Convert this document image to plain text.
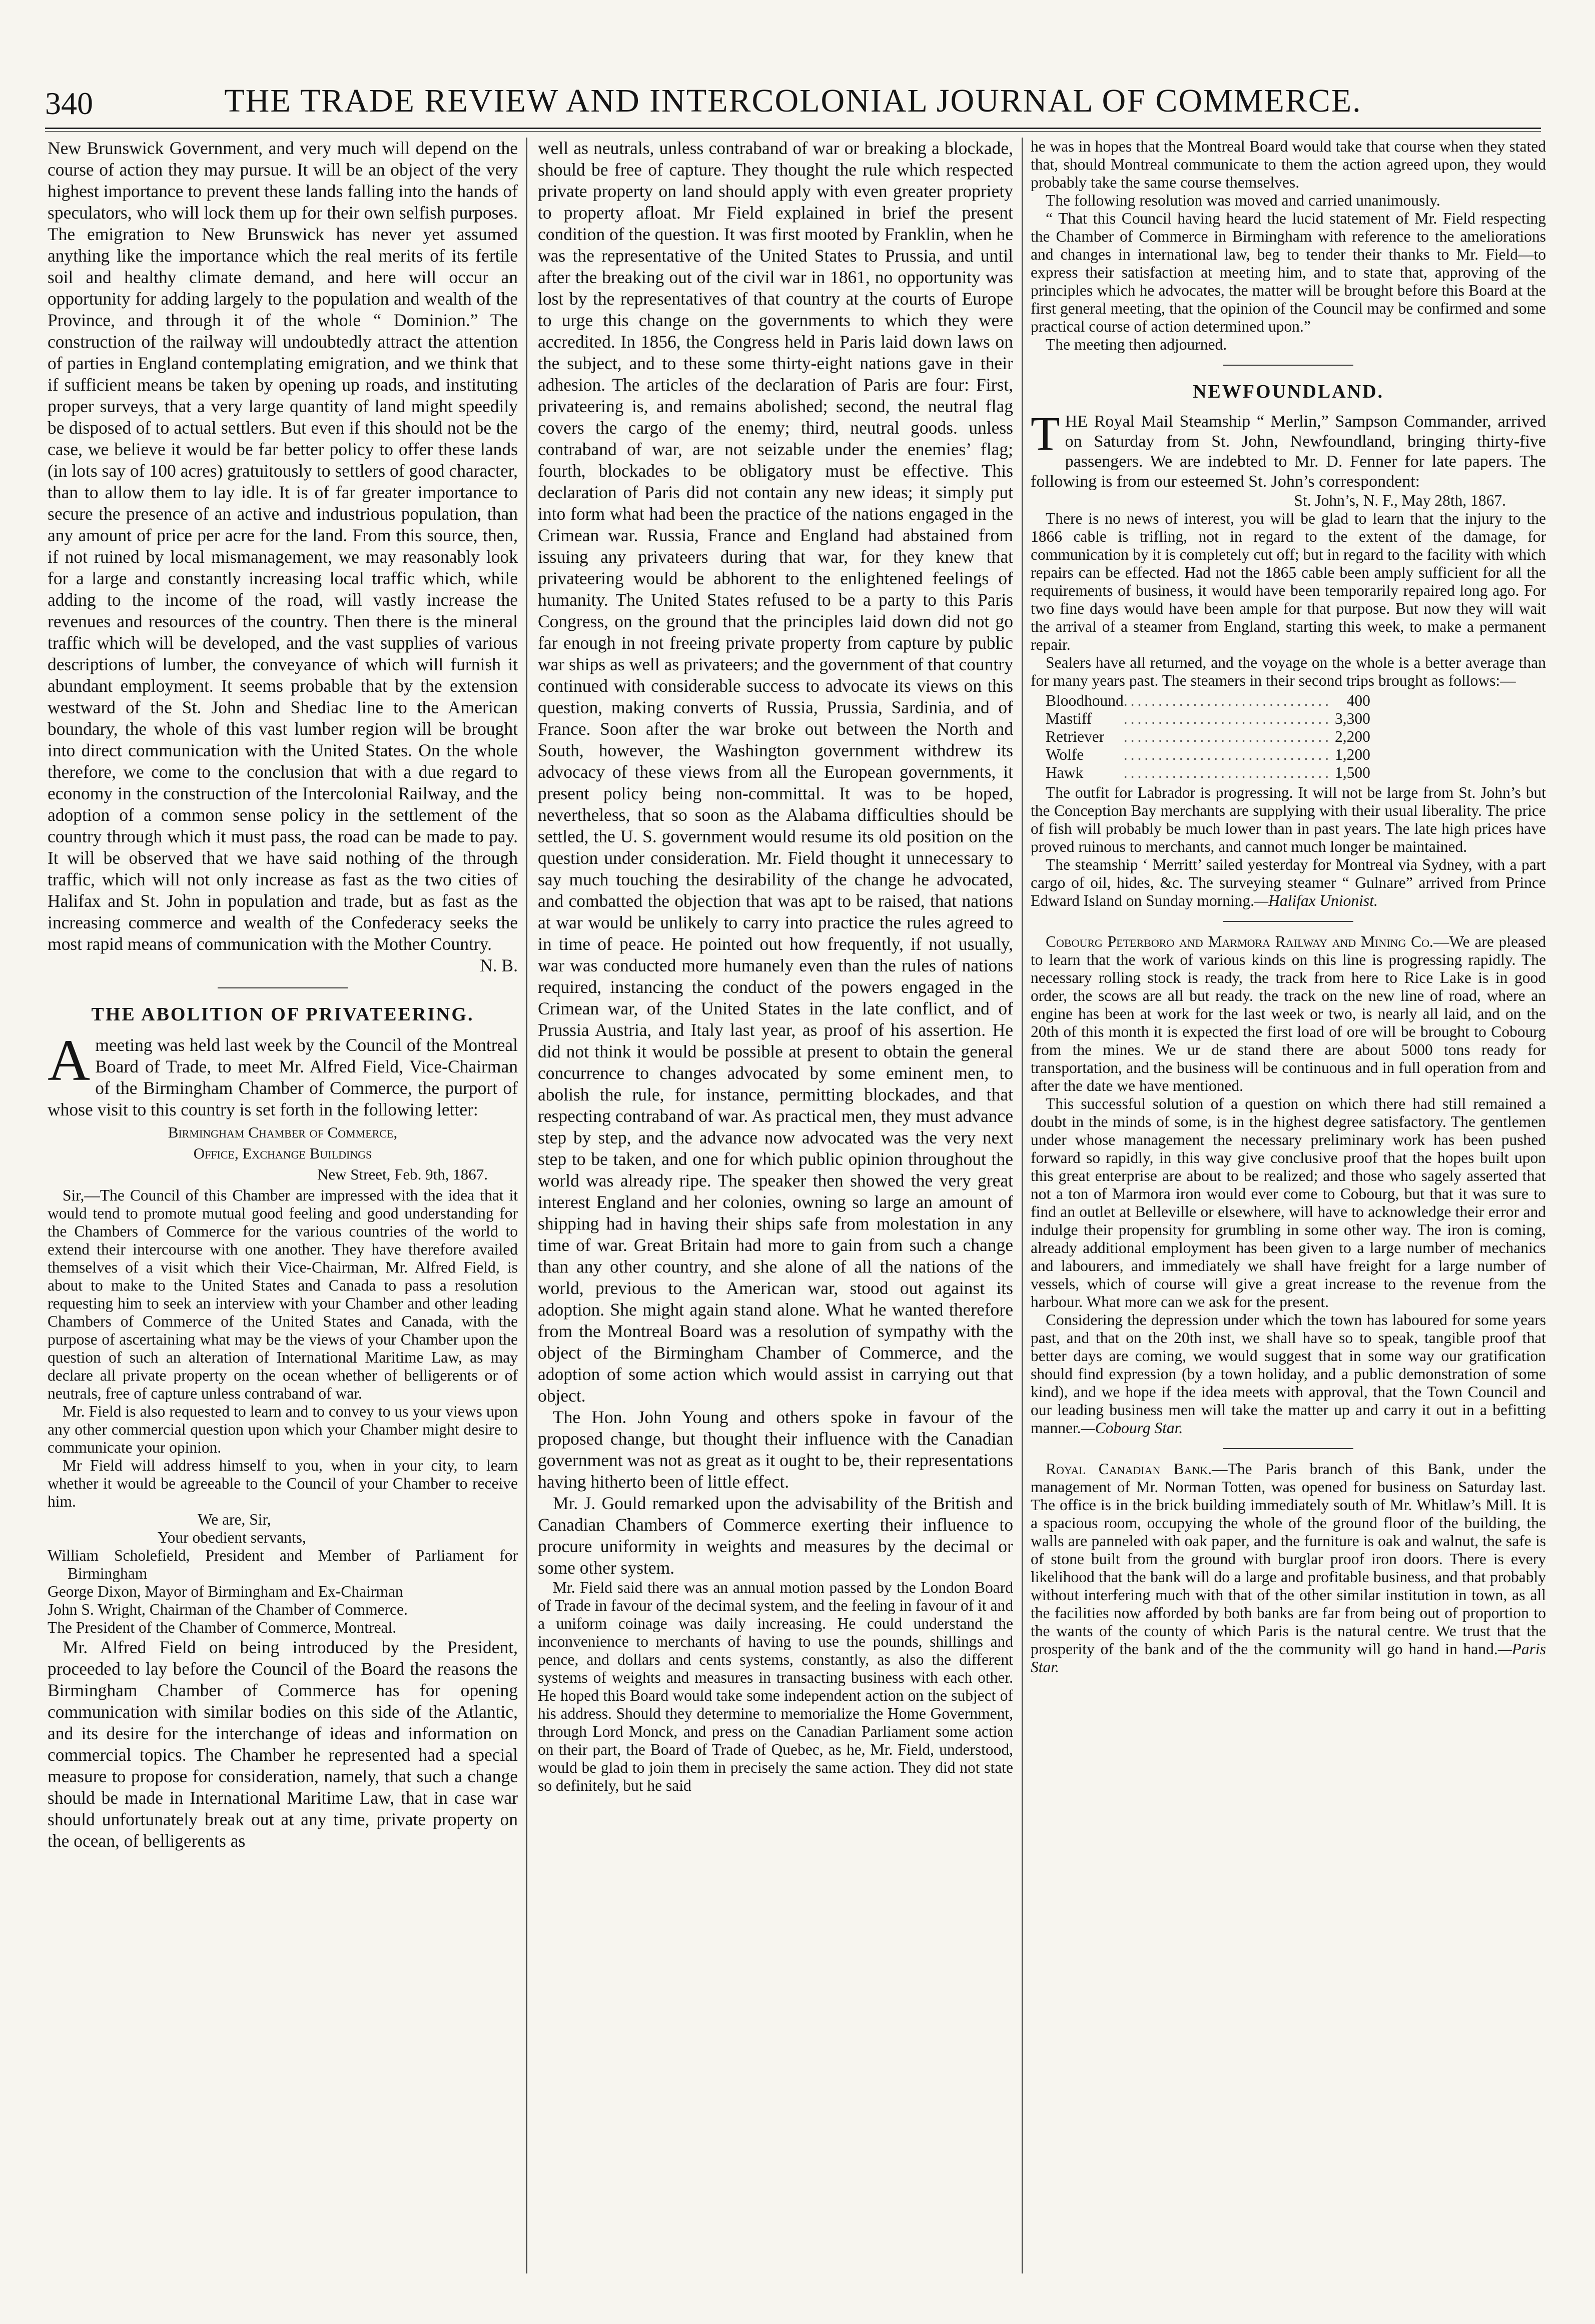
340	THE TRADE REVIEW AND INTERCOLONIAL JOURNAL OF COMMERCE.

New Brunswick Government, and very much will depend on the course of action they may pursue. It will be an object of the very highest importance to prevent these lands falling into the hands of speculators, who will lock them up for their own selfish purposes. The emigration to New Brunswick has never yet assumed anything like the importance which the real merits of its fertile soil and healthy climate demand, and here will occur an opportunity for adding largely to the population and wealth of the Province, and through it of the whole “ Dominion.” The construction of the railway will undoubtedly attract the attention of parties in England contemplating emigration, and we think that if sufficient means be taken by opening up roads, and instituting proper surveys, that a very large quantity of land might speedily be disposed of to actual settlers. But even if this should not be the case, we believe it would be far better policy to offer these lands (in lots say of 100 acres) gratuitously to settlers of good character, than to allow them to lay idle. It is of far greater importance to secure the presence of an active and industrious population, than any amount of price per acre for the land. From this source, then, if not ruined by local mismanagement, we may reasonably look for a large and constantly increasing local traffic which, while adding to the income of the road, will vastly increase the revenues and resources of the country. Then there is the mineral traffic which will be developed, and the vast supplies of various descriptions of lumber, the conveyance of which will furnish it abundant employment. It seems probable that by the extension westward of the St. John and Shediac line to the American boundary, the whole of this vast lumber region will be brought into direct communication with the United States. On the whole therefore, we come to the conclusion that with a due regard to economy in the construction of the Intercolonial Railway, and the adoption of a common sense policy in the settlement of the country through which it must pass, the road can be made to pay. It will be observed that we have said nothing of the through traffic, which will not only increase as fast as the two cities of Halifax and St. John in population and trade, but as fast as the increasing commerce and wealth of the Confederacy seeks the most rapid means of communication with the Mother Country.

N. B.

THE ABOLITION OF PRIVATEERING.

Ameeting was held last week by the Council of the Montreal Board of Trade, to meet Mr. Alfred Field, Vice-Chairman of the Birmingham Chamber of Commerce, the purport of whose visit to this country is set forth in the following letter:

Birmingham Chamber of Commerce,

Office, Exchange Buildings

New Street, Feb. 9th, 1867.

Sir,—The Council of this Chamber are impressed with the idea that it would tend to promote mutual good feeling and good understanding for the Chambers of Commerce for the various countries of the world to extend their intercourse with one another. They have therefore availed themselves of a visit which their Vice-Chairman, Mr. Alfred Field, is about to make to the United States and Canada to pass a resolution requesting him to seek an interview with your Chamber and other leading Chambers of Commerce of the United States and Canada, with the purpose of ascertaining what may be the views of your Chamber upon the question of such an alteration of International Maritime Law, as may declare all private property on the ocean whether of belligerents or of neutrals, free of capture unless contraband of war.

Mr. Field is also requested to learn and to convey to us your views upon any other commercial question upon which your Chamber might desire to communicate your opinion.

Mr Field will address himself to you, when in your city, to learn whether it would be agreeable to the Council of your Chamber to receive him.

We are, Sir,

Your obedient servants,

William Scholefield, President and Member of Parliament for Birmingham

George Dixon, Mayor of Birmingham and Ex-Chairman

John S. Wright, Chairman of the Chamber of Commerce.

The President of the Chamber of Commerce, Montreal.

Mr. Alfred Field on being introduced by the President, proceeded to lay before the Council of the Board the reasons the Birmingham Chamber of Commerce has for opening communication with similar bodies on this side of the Atlantic, and its desire for the interchange of ideas and information on commercial topics. The Chamber he represented had a special measure to propose for consideration, namely, that such a change should be made in International Maritime Law, that in case war should unfortunately break out at any time, private property on the ocean, of belligerents as

well as neutrals, unless contraband of war or breaking a blockade, should be free of capture. They thought the rule which respected private property on land should apply with even greater propriety to property afloat. Mr Field explained in brief the present condition of the question. It was first mooted by Franklin, when he was the representative of the United States to Prussia, and until after the breaking out of the civil war in 1861, no opportunity was lost by the representatives of that country at the courts of Europe to urge this change on the governments to which they were accredited. In 1856, the Congress held in Paris laid down laws on the subject, and to these some thirty-eight nations gave in their adhesion. The articles of the declaration of Paris are four: First, privateering is, and remains abolished; second, the neutral flag covers the cargo of the enemy; third, neutral goods. unless contraband of war, are not seizable under the enemies’ flag; fourth, blockades to be obligatory must be effective. This declaration of Paris did not contain any new ideas; it simply put into form what had been the practice of the nations engaged in the Crimean war. Russia, France and England had abstained from issuing any privateers during that war, for they knew that privateering would be abhorent to the enlightened feelings of humanity. The United States refused to be a party to this Paris Congress, on the ground that the principles laid down did not go far enough in not freeing private property from capture by public war ships as well as privateers; and the government of that country continued with considerable success to advocate its views on this question, making converts of Russia, Prussia, Sardinia, and of France. Soon after the war broke out between the North and South, however, the Washington government withdrew its advocacy of these views from all the European governments, it present policy being non-committal. It was to be hoped, nevertheless, that so soon as the Alabama difficulties should be settled, the U. S. government would resume its old position on the question under consideration. Mr. Field thought it unnecessary to say much touching the desirability of the change he advocated, and combatted the objection that was apt to be raised, that nations at war would be unlikely to carry into practice the rules agreed to in time of peace. He pointed out how frequently, if not usually, war was conducted more humanely even than the rules of nations required, instancing the conduct of the powers engaged in the Crimean war, of the United States in the late conflict, and of Prussia Austria, and Italy last year, as proof of his assertion. He did not think it would be possible at present to obtain the general concurrence to changes advocated by some eminent men, to abolish the rule, for instance, permitting blockades, and that respecting contraband of war. As practical men, they must advance step by step, and the advance now advocated was the very next step to be taken, and one for which public opinion throughout the world was already ripe. The speaker then showed the very great interest England and her colonies, owning so large an amount of shipping had in having their ships safe from molestation in any time of war. Great Britain had more to gain from such a change than any other country, and she alone of all the nations of the world, previous to the American war, stood out against its adoption. She might again stand alone. What he wanted therefore from the Montreal Board was a resolution of sympathy with the object of the Birmingham Chamber of Commerce, and the adoption of some action which would assist in carrying out that object.

The Hon. John Young and others spoke in favour of the proposed change, but thought their influence with the Canadian government was not as great as it ought to be, their representations having hitherto been of little effect.

Mr. J. Gould remarked upon the advisability of the British and Canadian Chambers of Commerce exerting their influence to procure uniformity in weights and measures by the decimal or some other system.

Mr. Field said there was an annual motion passed by the London Board of Trade in favour of the decimal system, and the feeling in favour of it and a uniform coinage was daily increasing. He could understand the inconvenience to merchants of having to use the pounds, shillings and pence, and dollars and cents systems, constantly, as also the different systems of weights and measures in transacting business with each other. He hoped this Board would take some independent action on the subject of his address. Should they determine to memorialize the Home Government, through Lord Monck, and press on the Canadian Parliament some action on their part, the Board of Trade of Quebec, as he, Mr. Field, understood, would be glad to join them in precisely the same action. They did not state so definitely, but he said

he was in hopes that the Montreal Board would take that course when they stated that, should Montreal communicate to them the action agreed upon, they would probably take the same course themselves.

The following resolution was moved and carried unanimously.

“ That this Council having heard the lucid statement of Mr. Field respecting the Chamber of Commerce in Birmingham with reference to the ameliorations and changes in international law, beg to tender their thanks to Mr. Field—to express their satisfaction at meeting him, and to state that, approving of the principles which he advocates, the matter will be brought before this Board at the first general meeting, that the opinion of the Council may be confirmed and some practical course of action determined upon.”

The meeting then adjourned.

NEWFOUNDLAND.

THE Royal Mail Steamship “ Merlin,” Sampson Commander, arrived on Saturday from St. John, Newfoundland, bringing thirty-five passengers. We are indebted to Mr. D. Fenner for late papers. The following is from our esteemed St. John’s correspondent:

St. John’s, N. F., May 28th, 1867.

There is no news of interest, you will be glad to learn that the injury to the 1866 cable is trifling, not in regard to the extent of the damage, for communication by it is completely cut off; but in regard to the facility with which repairs can be effected. Had not the 1865 cable been amply sufficient for all the requirements of business, it would have been temporarily repaired long ago. For two fine days would have been ample for that purpose. But now they will wait the arrival of a steamer from England, starting this week, to make a permanent repair.

Sealers have all returned, and the voyage on the whole is a better average than for many years past. The steamers in their second trips brought as follows:—

Bloodhound	..............................	400
Mastiff	..............................	3,300
Retriever	..............................	2,200
Wolfe	..............................	1,200
Hawk	..............................	1,500

The outfit for Labrador is progressing. It will not be large from St. John’s but the Conception Bay merchants are supplying with their usual liberality. The price of fish will probably be much lower than in past years. The late high prices have proved ruinous to merchants, and cannot much longer be maintained.

The steamship ‘ Merritt’ sailed yesterday for Montreal via Sydney, with a part cargo of oil, hides, &c. The surveying steamer “ Gulnare” arrived from Prince Edward Island on Sunday morning.—Halifax Unionist.

Cobourg Peterboro and Marmora Railway and Mining Co.—We are pleased to learn that the work of various kinds on this line is progressing rapidly. The necessary rolling stock is ready, the track from here to Rice Lake is in good order, the scows are all but ready. the track on the new line of road, where an engine has been at work for the last week or two, is nearly all laid, and on the 20th of this month it is expected the first load of ore will be brought to Cobourg from the mines. We ur de stand there are about 5000 tons ready for transportation, and the business will be continuous and in full operation from and after the date we have mentioned.

This successful solution of a question on which there had still remained a doubt in the minds of some, is in the highest degree satisfactory. The gentlemen under whose management the necessary preliminary work has been pushed forward so rapidly, in this way give conclusive proof that the hopes built upon this great enterprise are about to be realized; and those who sagely asserted that not a ton of Marmora iron would ever come to Cobourg, but that it was sure to find an outlet at Belleville or elsewhere, will have to acknowledge their error and indulge their propensity for grumbling in some other way. The iron is coming, already additional employment has been given to a large number of mechanics and labourers, and immediately we shall have freight for a large number of vessels, which of course will give a great increase to the revenue from the harbour. What more can we ask for the present.

Considering the depression under which the town has laboured for some years past, and that on the 20th inst, we shall have so to speak, tangible proof that better days are coming, we would suggest that in some way our gratification should find expression (by a town holiday, and a public demonstration of some kind), and we hope if the idea meets with approval, that the Town Council and our leading business men will take the matter up and carry it out in a befitting manner.—Cobourg Star.

Royal Canadian Bank.—The Paris branch of this Bank, under the management of Mr. Norman Totten, was opened for business on Saturday last. The office is in the brick building immediately south of Mr. Whitlaw’s Mill. It is a spacious room, occupying the whole of the ground floor of the building, the walls are panneled with oak paper, and the furniture is oak and walnut, the safe is of stone built from the ground with burglar proof iron doors. There is every likelihood that the bank will do a large and profitable business, and that probably without interfering much with that of the other similar institution in town, as all the facilities now afforded by both banks are far from being out of proportion to the wants of the county of which Paris is the natural centre. We trust that the prosperity of the bank and of the the community will go hand in hand.—Paris Star.
